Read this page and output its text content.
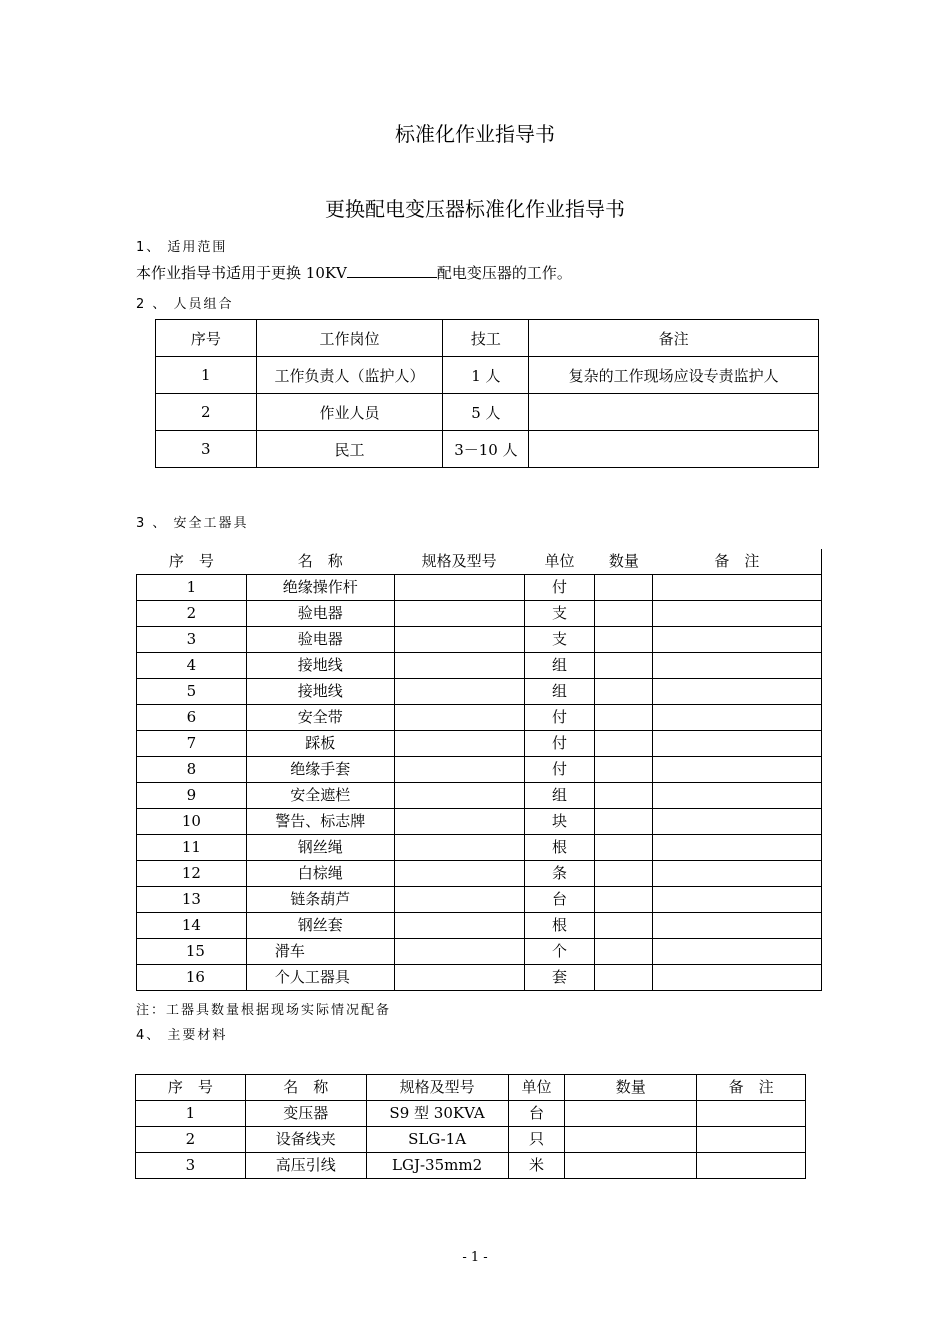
标准化作业指导书
更换配电变压器标准化作业指导书
1、 适用范围
本作业指导书适用于更换 10KV	配电变压器的工作。
2 、 人员组合
序号	工作岗位	技工	备注
1	工作负责人（监护人）	1 人	复杂的工作现场应设专责监护人
2	作业人员	5 人	
3	民工	3－10 人	
3 、 安全工器具
序　号	名　称	规格及型号	单位	数量	备　注
1	绝缘操作杆		付		
2	验电器		支		
3	验电器		支		
4	接地线		组		
5	接地线		组		
6	安全带		付		
7	踩板		付		
8	绝缘手套		付		
9	安全遮栏		组		
10	警告、标志牌		块		
11	钢丝绳		根		
12	白棕绳		条		
13	链条葫芦		台		
14	钢丝套		根		
15	滑车		个		
16	个人工器具		套		
注：工器具数量根据现场实际情况配备
4、 主要材料
序　号	名　称	规格及型号	单位	数量	备　注
1	变压器	S9 型 30KVA	台		
2	设备线夹	SLG-1A	只		
3	高压引线	LGJ-35mm2	米		
- 1 -
